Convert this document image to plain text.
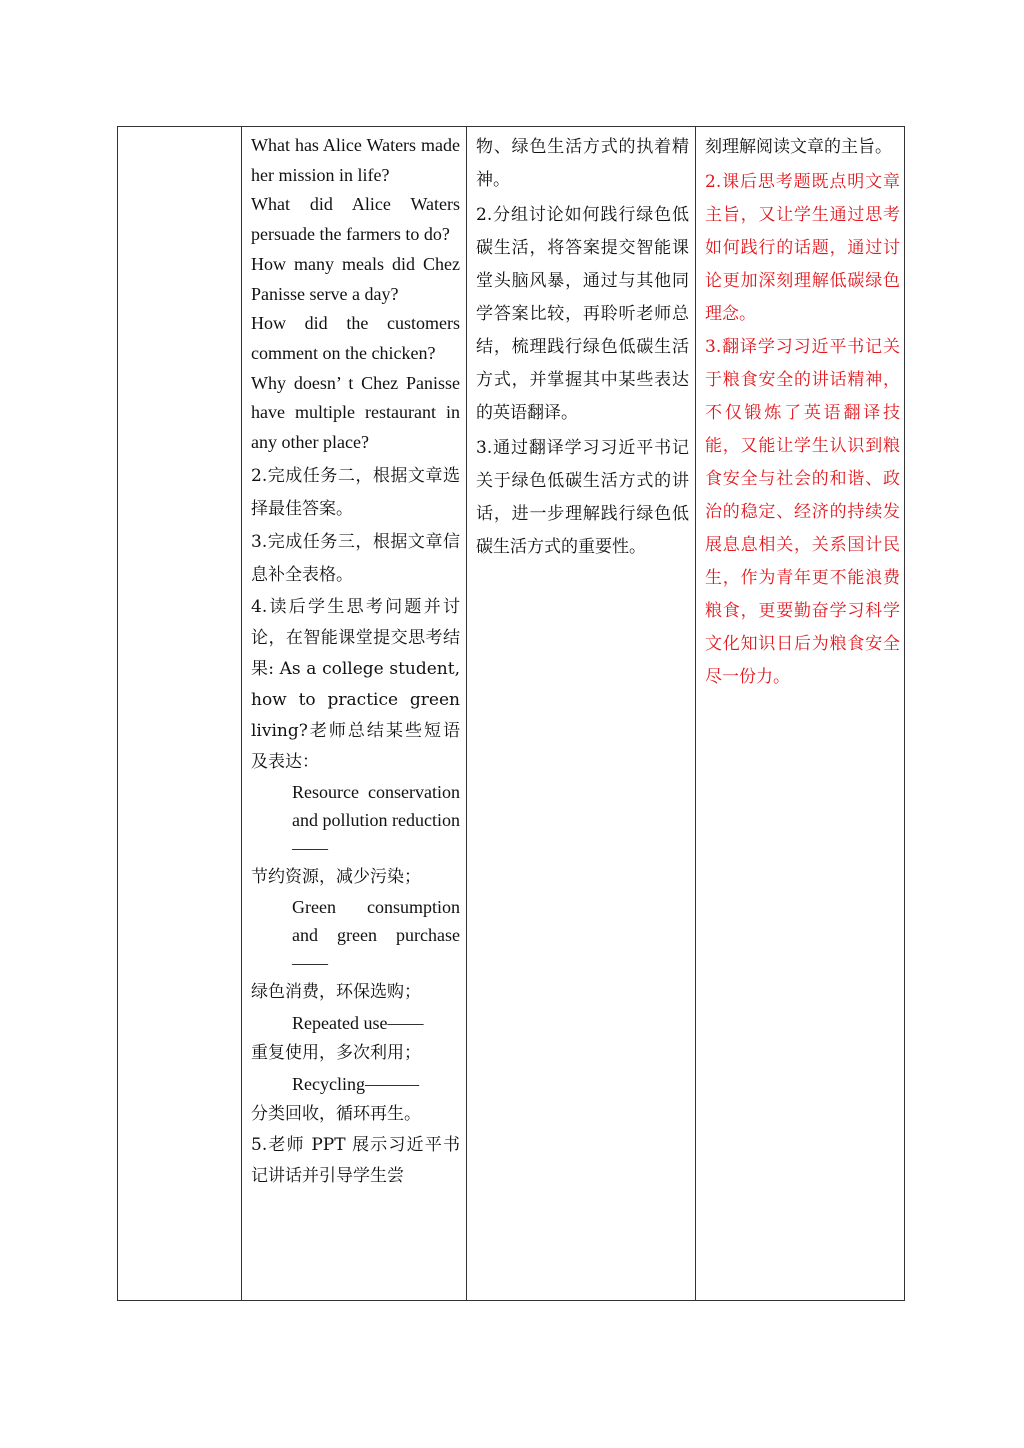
What has Alice Waters made her mission in life?

What did Alice Waters persuade the farmers to do?

How many meals did Chez Panisse serve a day?

How did the customers comment on the chicken?

Why doesn’ t Chez Panisse have multiple restaurant in any other place?

2.完成任务二，根据文章选择最佳答案。

3.完成任务三，根据文章信息补全表格。

4.读后学生思考问题并讨论，在智能课堂提交思考结果: As a college student, how to practice green living?老师总结某些短语及表达：

Resource conservation and pollution reduction——

节约资源，减少污染；

Green consumption and green purchase——

绿色消费，环保选购；

Repeated use——

重复使用，多次利用；

Recycling———

分类回收，循环再生。

5.老师 PPT 展示习近平书记讲话并引导学生尝

物、绿色生活方式的执着精神。

2.分组讨论如何践行绿色低碳生活，将答案提交智能课堂头脑风暴，通过与其他同学答案比较，再聆听老师总结，梳理践行绿色低碳生活方式，并掌握其中某些表达的英语翻译。

3.通过翻译学习习近平书记关于绿色低碳生活方式的讲话，进一步理解践行绿色低碳生活方式的重要性。

刻理解阅读文章的主旨。

2.课后思考题既点明文章主旨，又让学生通过思考如何践行的话题，通过讨论更加深刻理解低碳绿色理念。

3.翻译学习习近平书记关于粮食安全的讲话精神，不仅锻炼了英语翻译技能，又能让学生认识到粮食安全与社会的和谐、政治的稳定、经济的持续发展息息相关，关系国计民生，作为青年更不能浪费粮食，更要勤奋学习科学文化知识日后为粮食安全尽一份力。
